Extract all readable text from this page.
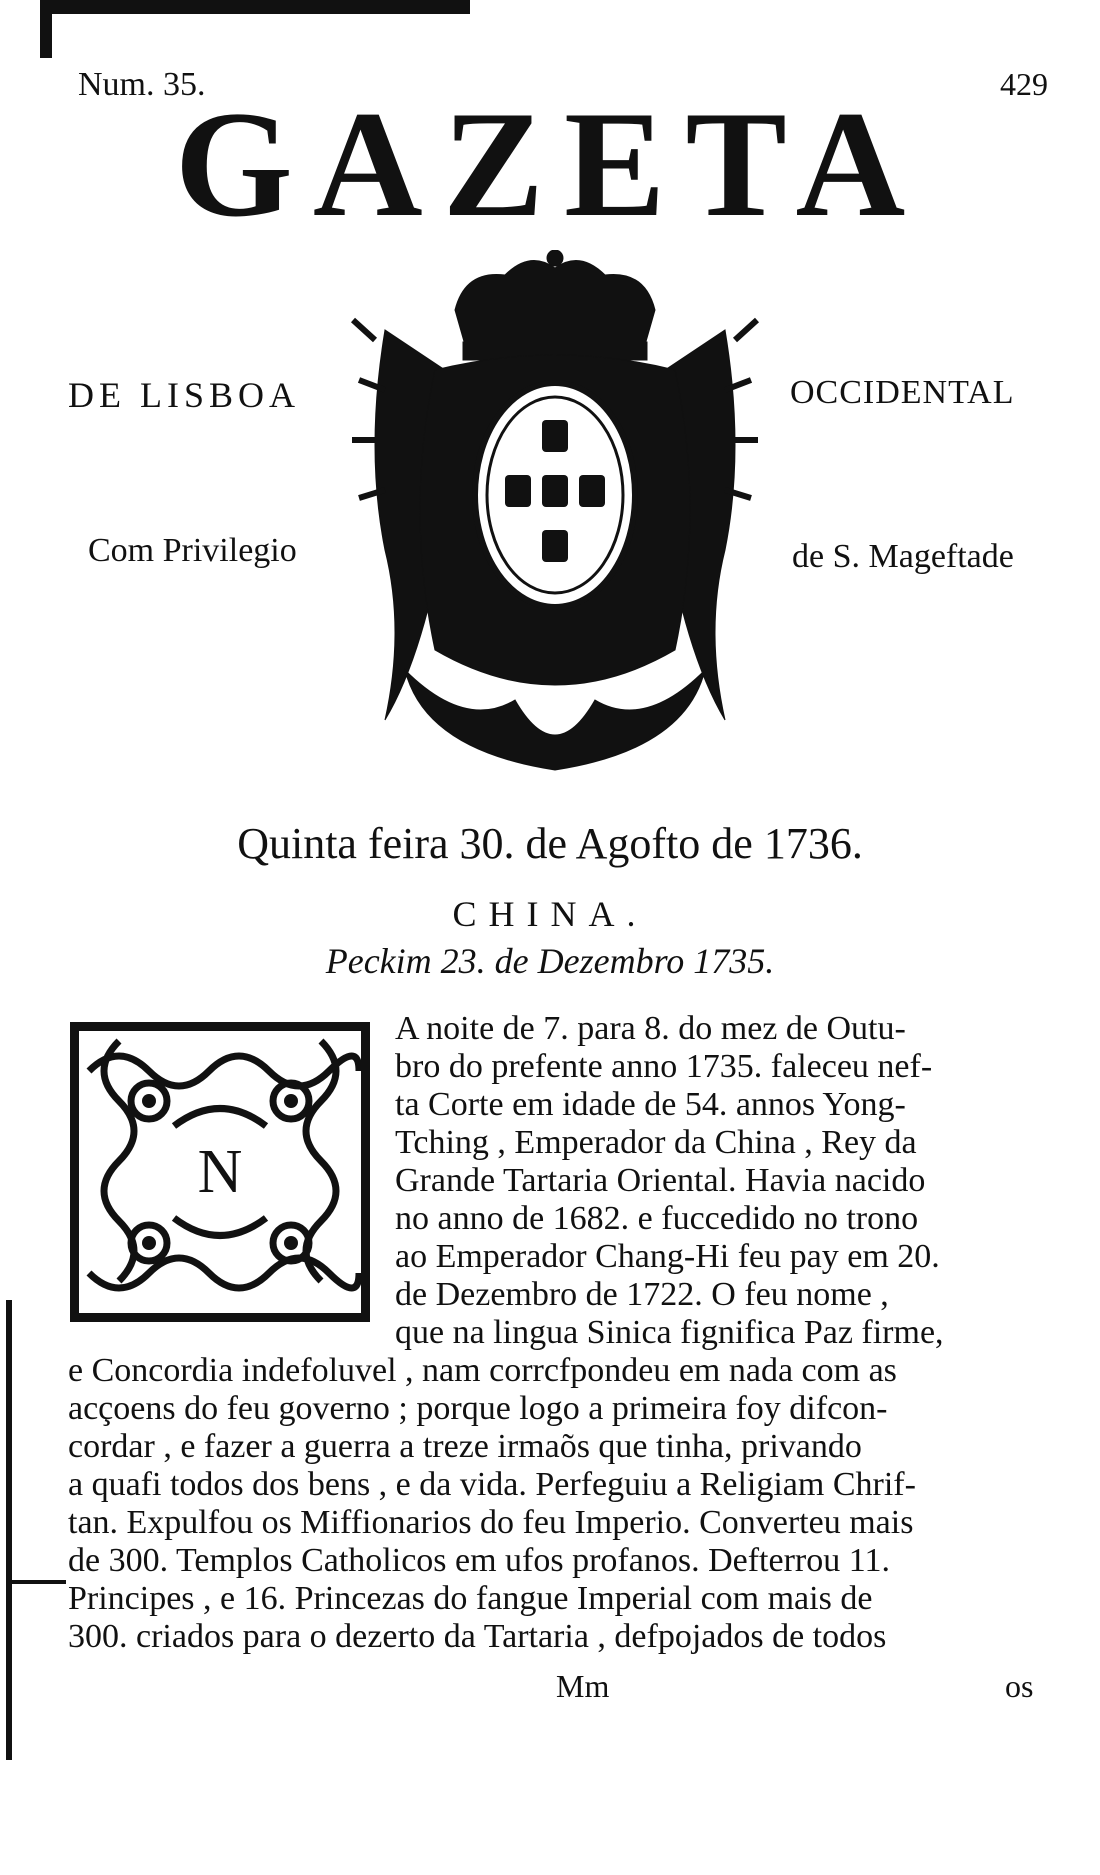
Num. 35.	429
GAZETA
DE LISBOA	OCCIDENTAL
Com Privilegio	de S. Mageftade
Quinta feira 30. de Agofto de 1736.
CHINA.
Peckim 23. de Dezembro 1735.
N
A noite de 7. para 8. do mez de Outu-
bro do prefente anno 1735. faleceu nef-
ta Corte em idade de 54. annos Yong-
Tching , Emperador da China , Rey da
Grande Tartaria Oriental. Havia nacido
no anno de 1682. e fuccedido no trono
ao Emperador Chang-Hi feu pay em 20.
de Dezembro de 1722. O feu nome ,
que na lingua Sinica fignifica Paz firme,
e Concordia indefoluvel , nam corrcfpondeu em nada com as
acçoens do feu governo ; porque logo a primeira foy difcon-
cordar , e fazer a guerra a treze irmaõs que tinha, privando
a quafi todos dos bens , e da vida. Perfeguiu a Religiam Chrif-
tan. Expulfou os Miffionarios do feu Imperio. Converteu mais
de 300. Templos Catholicos em ufos profanos. Defterrou 11.
Principes , e 16. Princezas do fangue Imperial com mais de
300. criados para o dezerto da Tartaria , defpojados de todos
Mm	os
